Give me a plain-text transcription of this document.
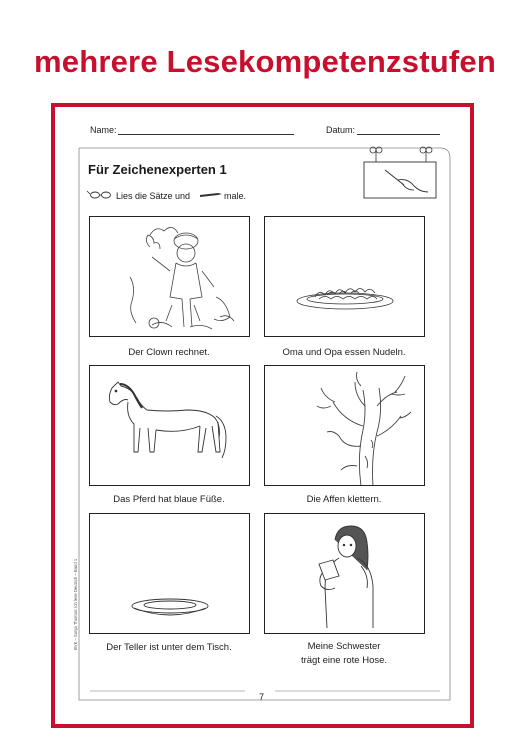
mehrere Lesekompetenzstufen
Name:	Datum:
Für Zeichenexperten 1
Lies die Sätze und	male.
Der Clown rechnet.	Oma und Opa essen Nudeln.
Das Pferd hat blaue Füße.	Die Affen klettern.
Der Teller ist unter dem Tisch.	Meine Schwester
trägt eine rote Hose.
BVK – Sonja Thomas: Ich lese Deutsch – Band 1
7
